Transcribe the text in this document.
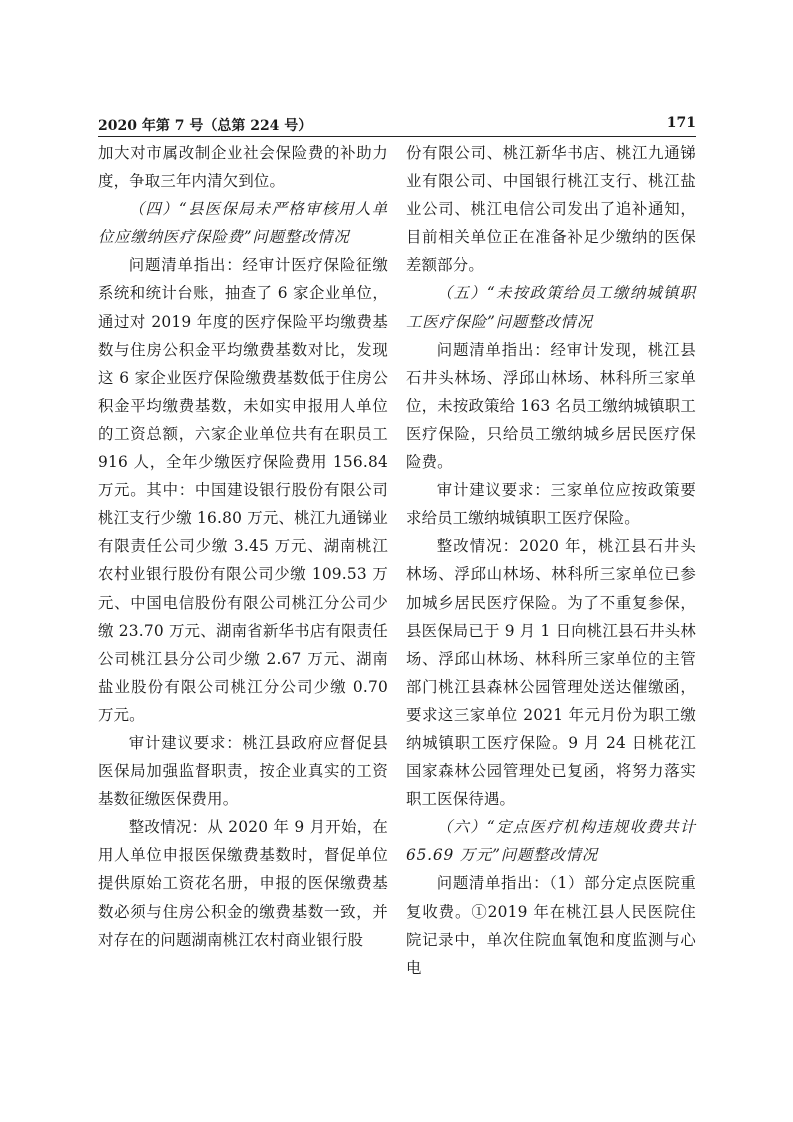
2020 年第 7 号（总第 224 号）	171

加大对市属改制企业社会保险费的补助力度，争取三年内清欠到位。

（四）“县医保局未严格审核用人单位应缴纳医疗保险费”问题整改情况

问题清单指出：经审计医疗保险征缴系统和统计台账，抽查了 6 家企业单位，通过对 2019 年度的医疗保险平均缴费基数与住房公积金平均缴费基数对比，发现这 6 家企业医疗保险缴费基数低于住房公积金平均缴费基数，未如实申报用人单位的工资总额，六家企业单位共有在职员工 916 人，全年少缴医疗保险费用 156.84 万元。其中：中国建设银行股份有限公司桃江支行少缴 16.80 万元、桃江九通锑业有限责任公司少缴 3.45 万元、湖南桃江农村业银行股份有限公司少缴 109.53 万元、中国电信股份有限公司桃江分公司少缴 23.70 万元、湖南省新华书店有限责任公司桃江县分公司少缴 2.67 万元、湖南盐业股份有限公司桃江分公司少缴 0.70 万元。

审计建议要求：桃江县政府应督促县医保局加强监督职责，按企业真实的工资基数征缴医保费用。

整改情况：从 2020 年 9 月开始，在用人单位申报医保缴费基数时，督促单位提供原始工资花名册，申报的医保缴费基数必须与住房公积金的缴费基数一致，并对存在的问题湖南桃江农村商业银行股

份有限公司、桃江新华书店、桃江九通锑业有限公司、中国银行桃江支行、桃江盐业公司、桃江电信公司发出了追补通知，目前相关单位正在准备补足少缴纳的医保差额部分。

（五）“未按政策给员工缴纳城镇职工医疗保险”问题整改情况

问题清单指出：经审计发现，桃江县石井头林场、浮邱山林场、林科所三家单位，未按政策给 163 名员工缴纳城镇职工医疗保险，只给员工缴纳城乡居民医疗保险费。

审计建议要求：三家单位应按政策要求给员工缴纳城镇职工医疗保险。

整改情况：2020 年，桃江县石井头林场、浮邱山林场、林科所三家单位已参加城乡居民医疗保险。为了不重复参保，县医保局已于 9 月 1 日向桃江县石井头林场、浮邱山林场、林科所三家单位的主管部门桃江县森林公园管理处送达催缴函，要求这三家单位 2021 年元月份为职工缴纳城镇职工医疗保险。9 月 24 日桃花江国家森林公园管理处已复函，将努力落实职工医保待遇。

（六）“定点医疗机构违规收费共计 65.69 万元”问题整改情况

问题清单指出：（1）部分定点医院重复收费。①2019 年在桃江县人民医院住院记录中，单次住院血氧饱和度监测与心电
